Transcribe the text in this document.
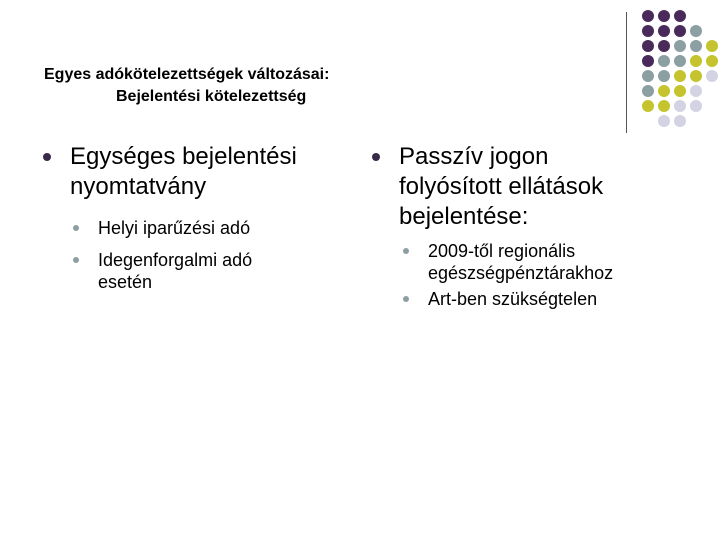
Egyes adókötelezettségek változásai:
Bejelentési kötelezettség
Egységes bejelentési nyomtatvány
Helyi iparűzési adó
Idegenforgalmi adó esetén
Passzív jogon folyósított ellátások bejelentése:
2009-től regionális egészségpénztárakhoz
Art-ben szükségtelen
